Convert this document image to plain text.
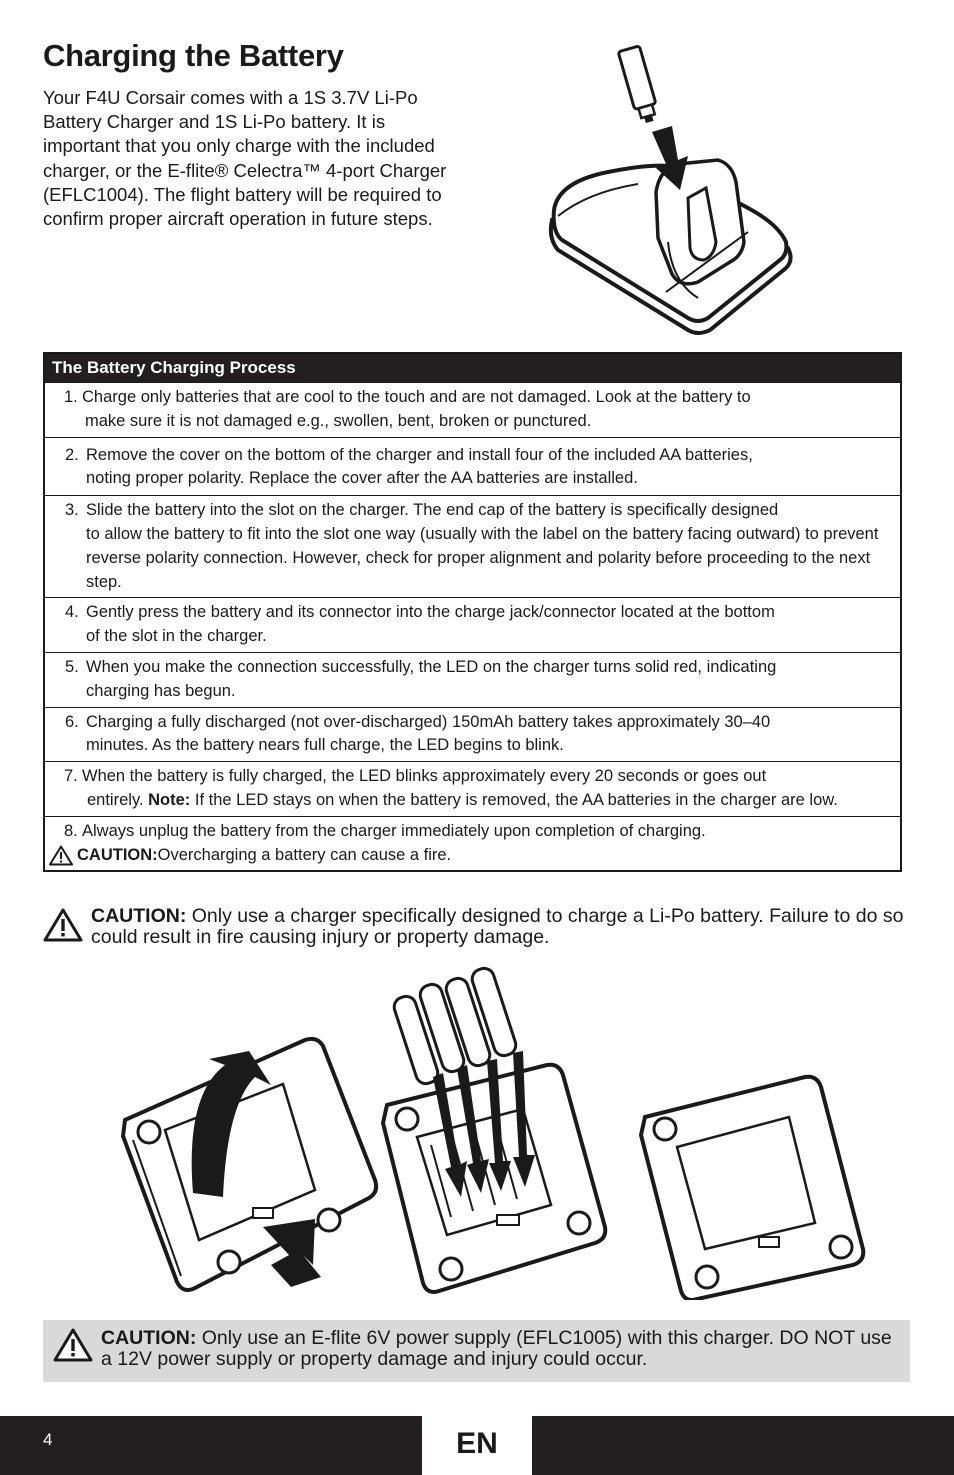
Charging the Battery
Your F4U Corsair comes with a 1S 3.7V Li-Po Battery Charger and 1S Li-Po battery. It is important that you only charge with the included charger, or the E-flite® Celectra™ 4-port Charger (EFLC1004). The flight battery will be required to confirm proper aircraft operation in future steps.
The Battery Charging Process
1. Charge only batteries that are cool to the touch and are not damaged. Look at the battery to
make sure it is not damaged e.g., swollen, bent, broken or punctured.
2. Remove the cover on the bottom of the charger and install four of the included AA batteries,
noting proper polarity. Replace the cover after the AA batteries are installed.
3. Slide the battery into the slot on the charger. The end cap of the battery is specifically designed
to allow the battery to fit into the slot one way (usually with the label on the battery facing outward) to prevent reverse polarity connection. However, check for proper alignment and polarity before proceeding to the next step.
4. Gently press the battery and its connector into the charge jack/connector located at the bottom
of the slot in the charger.
5. When you make the connection successfully, the LED on the charger turns solid red, indicating
charging has begun.
6. Charging a fully discharged (not over-discharged) 150mAh battery takes approximately 30–40
minutes. As the battery nears full charge, the LED begins to blink.
7. When the battery is fully charged, the LED blinks approximately every 20 seconds or goes out
entirely. Note: If the LED stays on when the battery is removed, the AA batteries in the charger are low.
8. Always unplug the battery from the charger immediately upon completion of charging.
CAUTION: Overcharging a battery can cause a fire.
CAUTION: Only use a charger specifically designed to charge a Li-Po battery. Failure to do so could result in fire causing injury or property damage.
CAUTION: Only use an E-flite 6V power supply (EFLC1005) with this charger. DO NOT use a 12V power supply or property damage and injury could occur.
4	EN
